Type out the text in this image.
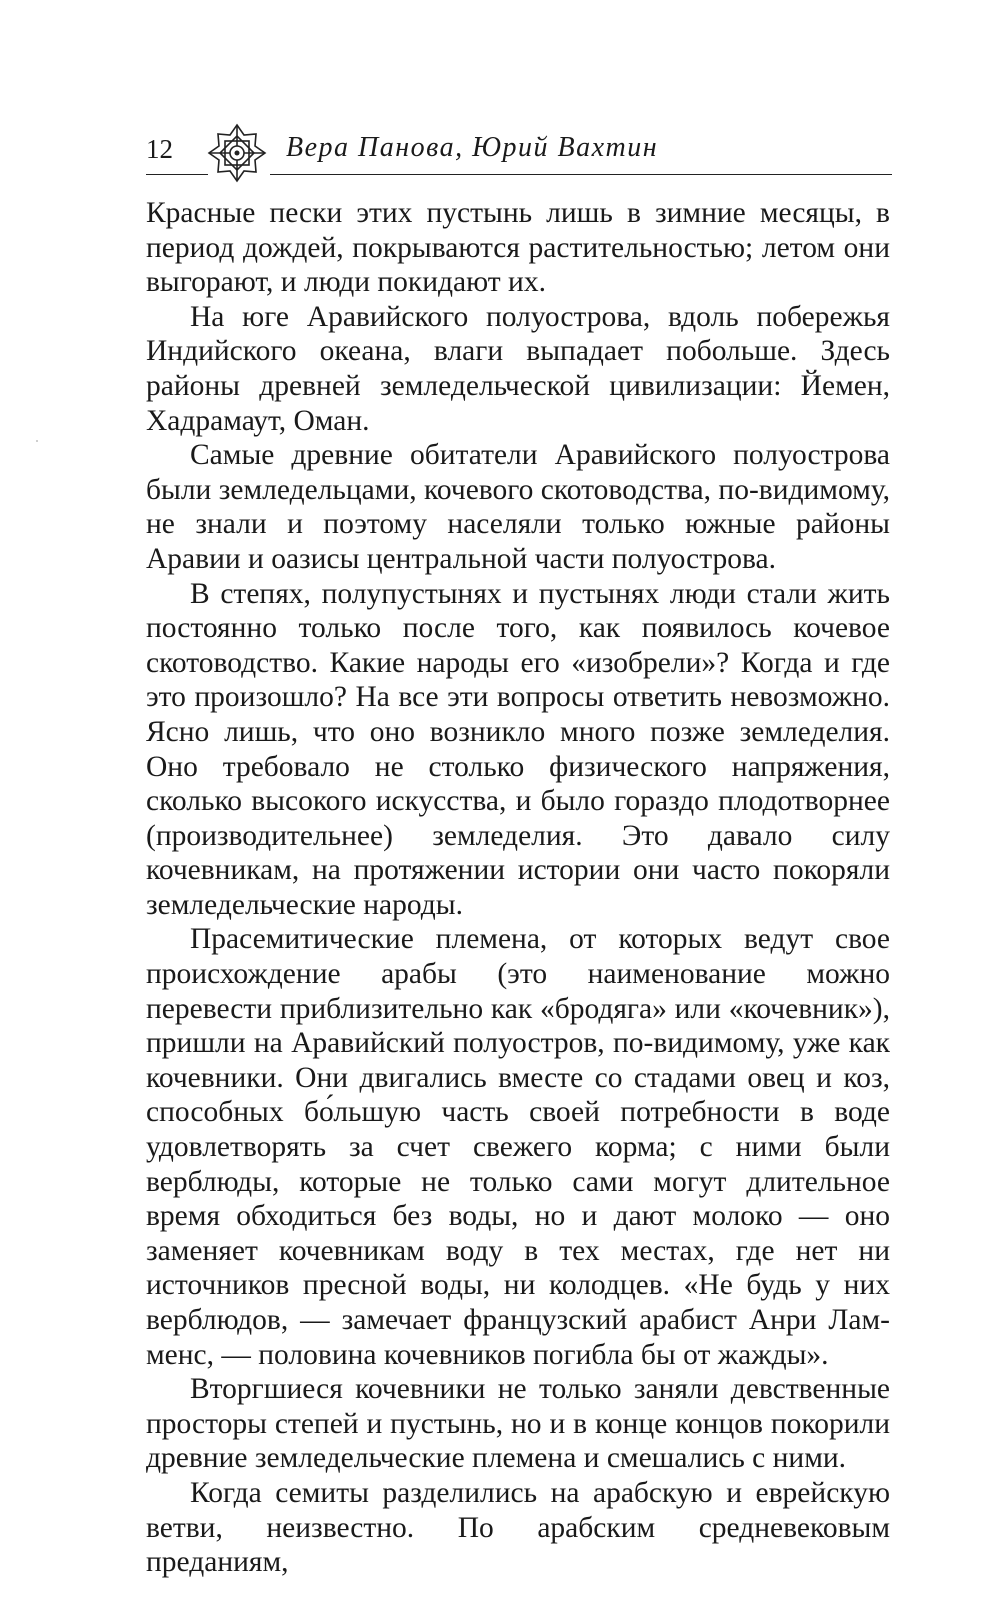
12	Вера Панова, Юрий Вахтин

Красные пески этих пустынь лишь в зимние месяцы, в период дождей, покрываются растительностью; летом они выгорают, и люди покидают их.

На юге Аравийского полуострова, вдоль побережья Индийского океана, влаги выпадает побольше. Здесь районы древней земледельческой цивилизации: Йемен, Хадрамаут, Оман.

Самые древние обитатели Аравийского полуострова были земледельцами, кочевого скотоводства, по-видимому, не знали и поэтому населяли только южные районы Аравии и оазисы центральной части полуострова.

В степях, полупустынях и пустынях люди стали жить постоянно только после того, как появилось кочевое скотоводство. Какие народы его «изобрели»? Когда и где это произошло? На все эти вопросы ответить невозможно. Ясно лишь, что оно возникло много позже земледелия. Оно требовало не столько физического напряжения, сколько высокого искусства, и было гораздо плодотворнее (производительнее) земледелия. Это давало силу кочевникам, на протяжении истории они часто покоряли земледельческие народы.

Прасемитические племена, от которых ведут свое происхождение арабы (это наименование можно перевести приблизительно как «бродяга» или «кочевник»), пришли на Аравийский полуостров, по-видимому, уже как кочевники. Они двигались вместе со стадами овец и коз, способных бо́льшую часть своей потребности в воде удовлетворять за счет свежего корма; с ними были верблюды, которые не только сами могут длительное время обходиться без воды, но и дают молоко — оно заменяет кочевникам воду в тех местах, где нет ни источников пресной воды, ни колодцев. «Не будь у них верблюдов, — замечает французский арабист Анри Ламменс, — половина кочевников погибла бы от жажды».

Вторгшиеся кочевники не только заняли девственные просторы степей и пустынь, но и в конце концов покорили древние земледельческие племена и смешались с ними.

Когда семиты разделились на арабскую и еврейскую ветви, неизвестно. По арабским средневековым преданиям,
